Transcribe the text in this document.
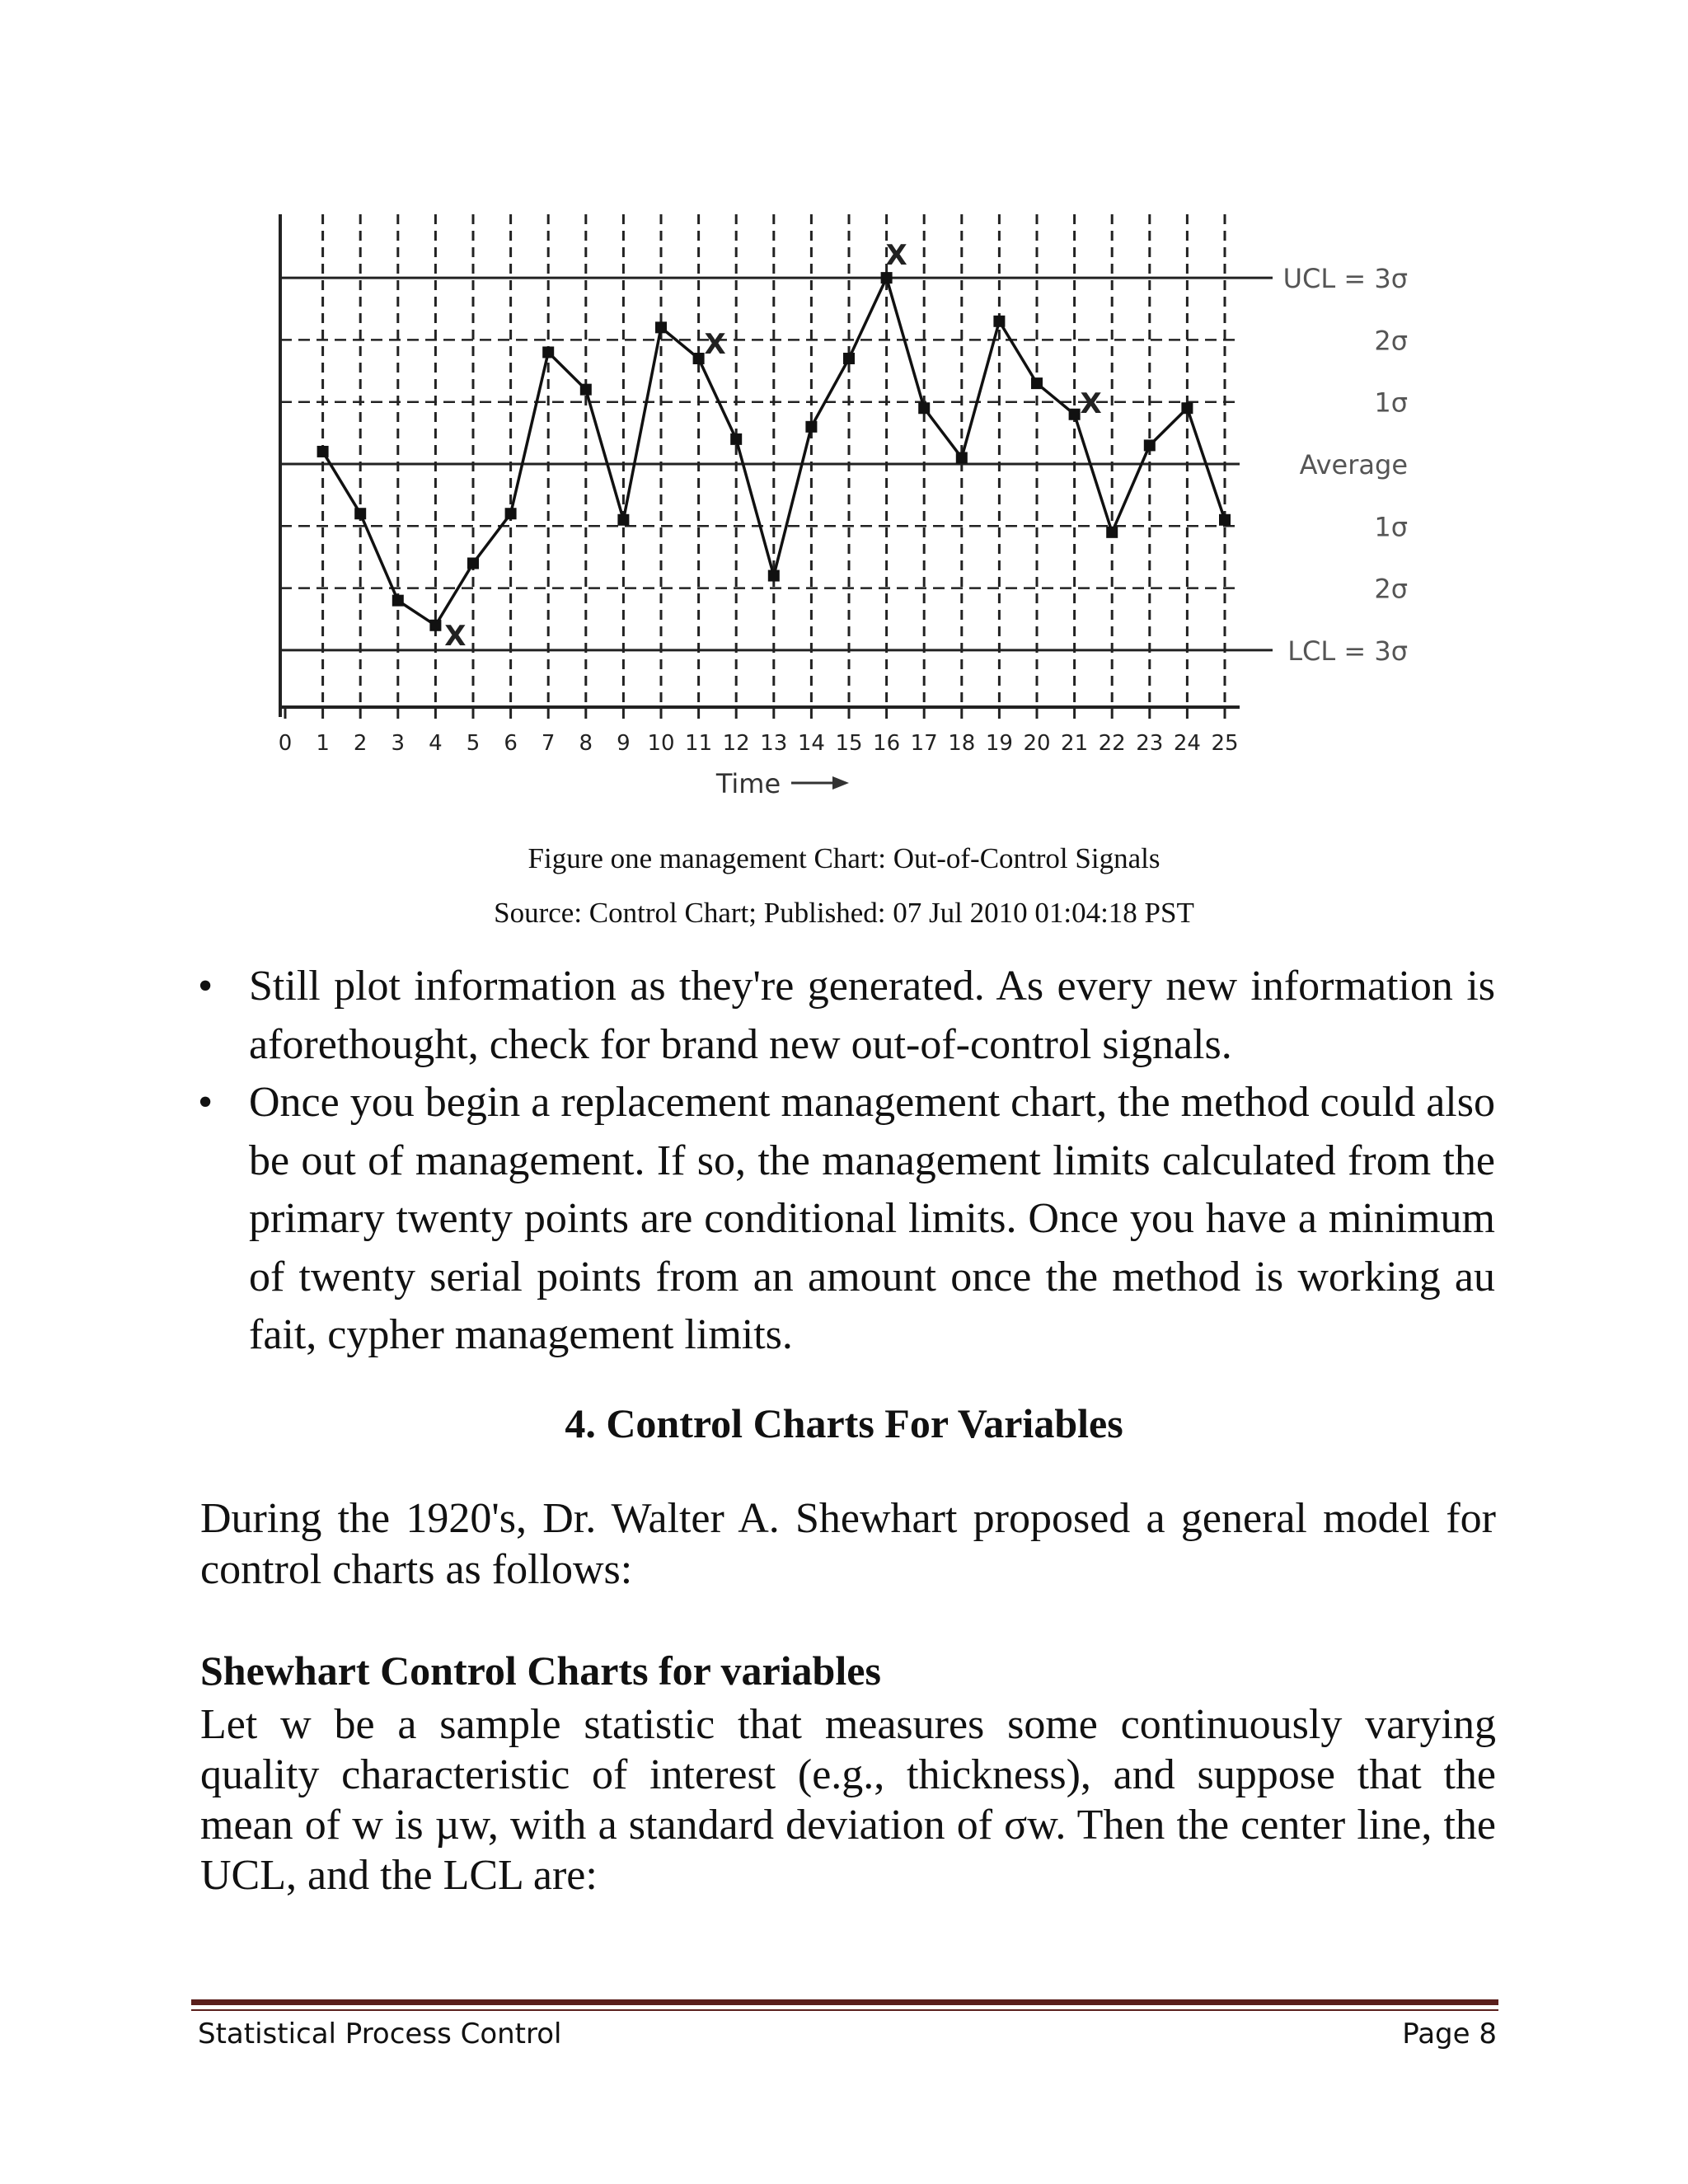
UCL = 3σ
2σ
1σ
Average
1σ
2σ
LCL = 3σ
0 1 2 3 4 5 6 7 8 9 10 11 12 13 14 15 16 17 18 19 20 21 22 23 24 25
Time
X
X
X
X
Figure one management Chart: Out-of-Control Signals
Source: Control Chart; Published: 07 Jul 2010 01:04:18 PST
• Still plot information as they're generated. As every new information is aforethought, check for brand new out-of-control signals.
• Once you begin a replacement management chart, the method could also be out of management. If so, the management limits calculated from the primary twenty points are conditional limits. Once you have a minimum of twenty serial points from an amount once the method is working au fait, cypher management limits.
4. Control Charts For Variables
During the 1920's, Dr. Walter A. Shewhart proposed a general model for control charts as follows:
Shewhart Control Charts for variables
Let w be a sample statistic that measures some continuously varying quality characteristic of interest (e.g., thickness), and suppose that the mean of w is µw, with a standard deviation of σw. Then the center line, the UCL, and the LCL are:
Statistical Process Control	Page 8
